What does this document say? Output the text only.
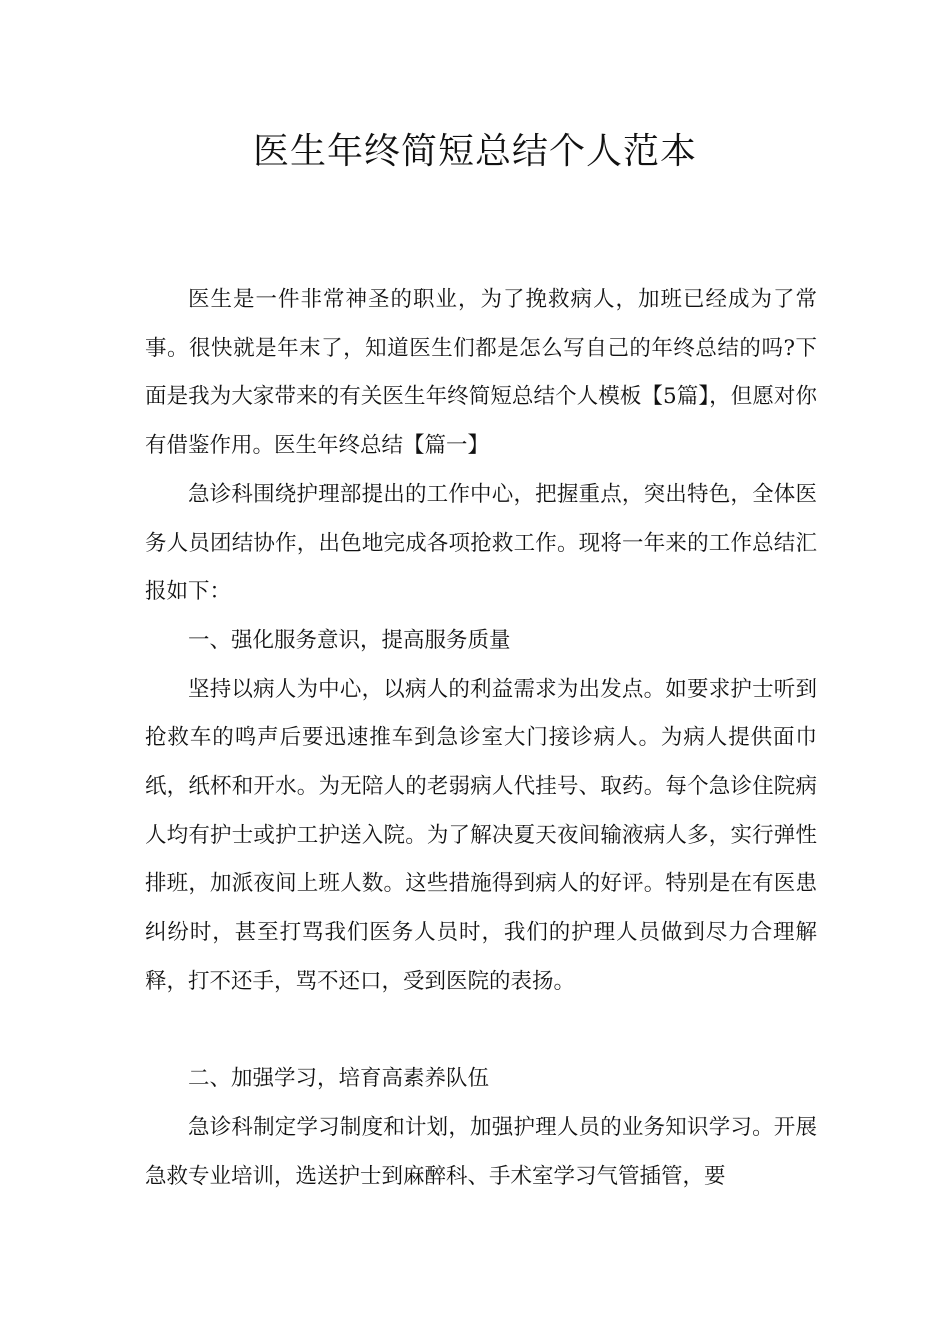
医生年终简短总结个人范本

医生是一件非常神圣的职业，为了挽救病人，加班已经成为了常事。很快就是年末了，知道医生们都是怎么写自己的年终总结的吗?下面是我为大家带来的有关医生年终简短总结个人模板【5篇】，但愿对你有借鉴作用。医生年终总结【篇一】

急诊科围绕护理部提出的工作中心，把握重点，突出特色，全体医务人员团结协作，出色地完成各项抢救工作。现将一年来的工作总结汇报如下：

一、强化服务意识，提高服务质量

坚持以病人为中心，以病人的利益需求为出发点。如要求护士听到抢救车的鸣声后要迅速推车到急诊室大门接诊病人。为病人提供面巾纸，纸杯和开水。为无陪人的老弱病人代挂号、取药。每个急诊住院病人均有护士或护工护送入院。为了解决夏天夜间输液病人多，实行弹性排班，加派夜间上班人数。这些措施得到病人的好评。特别是在有医患纠纷时，甚至打骂我们医务人员时，我们的护理人员做到尽力合理解释，打不还手，骂不还口，受到医院的表扬。

二、加强学习，培育高素养队伍

急诊科制定学习制度和计划，加强护理人员的业务知识学习。开展急救专业培训，选送护士到麻醉科、手术室学习气管插管，要
